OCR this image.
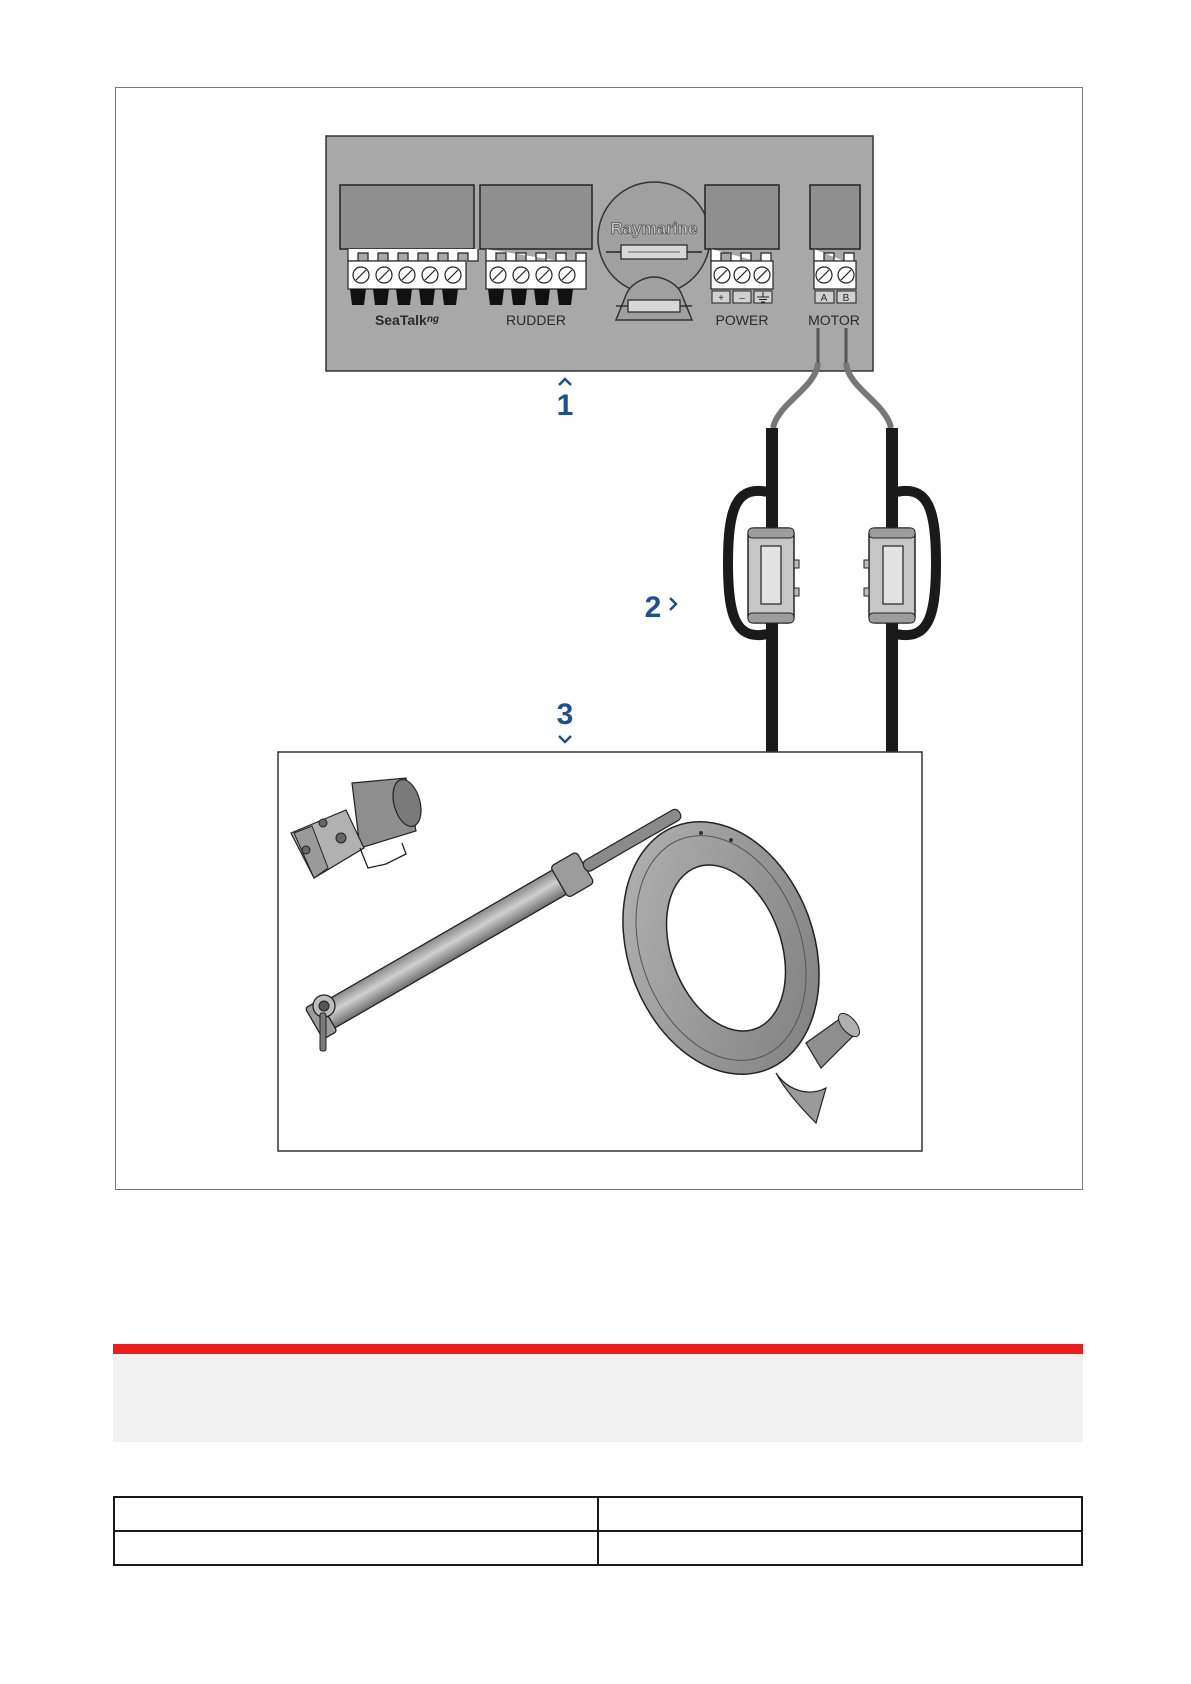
SeaTalk$^{ng}$	RUDDER
Raymarine
+ –
POWER
A B
MOTOR
1
2
3
